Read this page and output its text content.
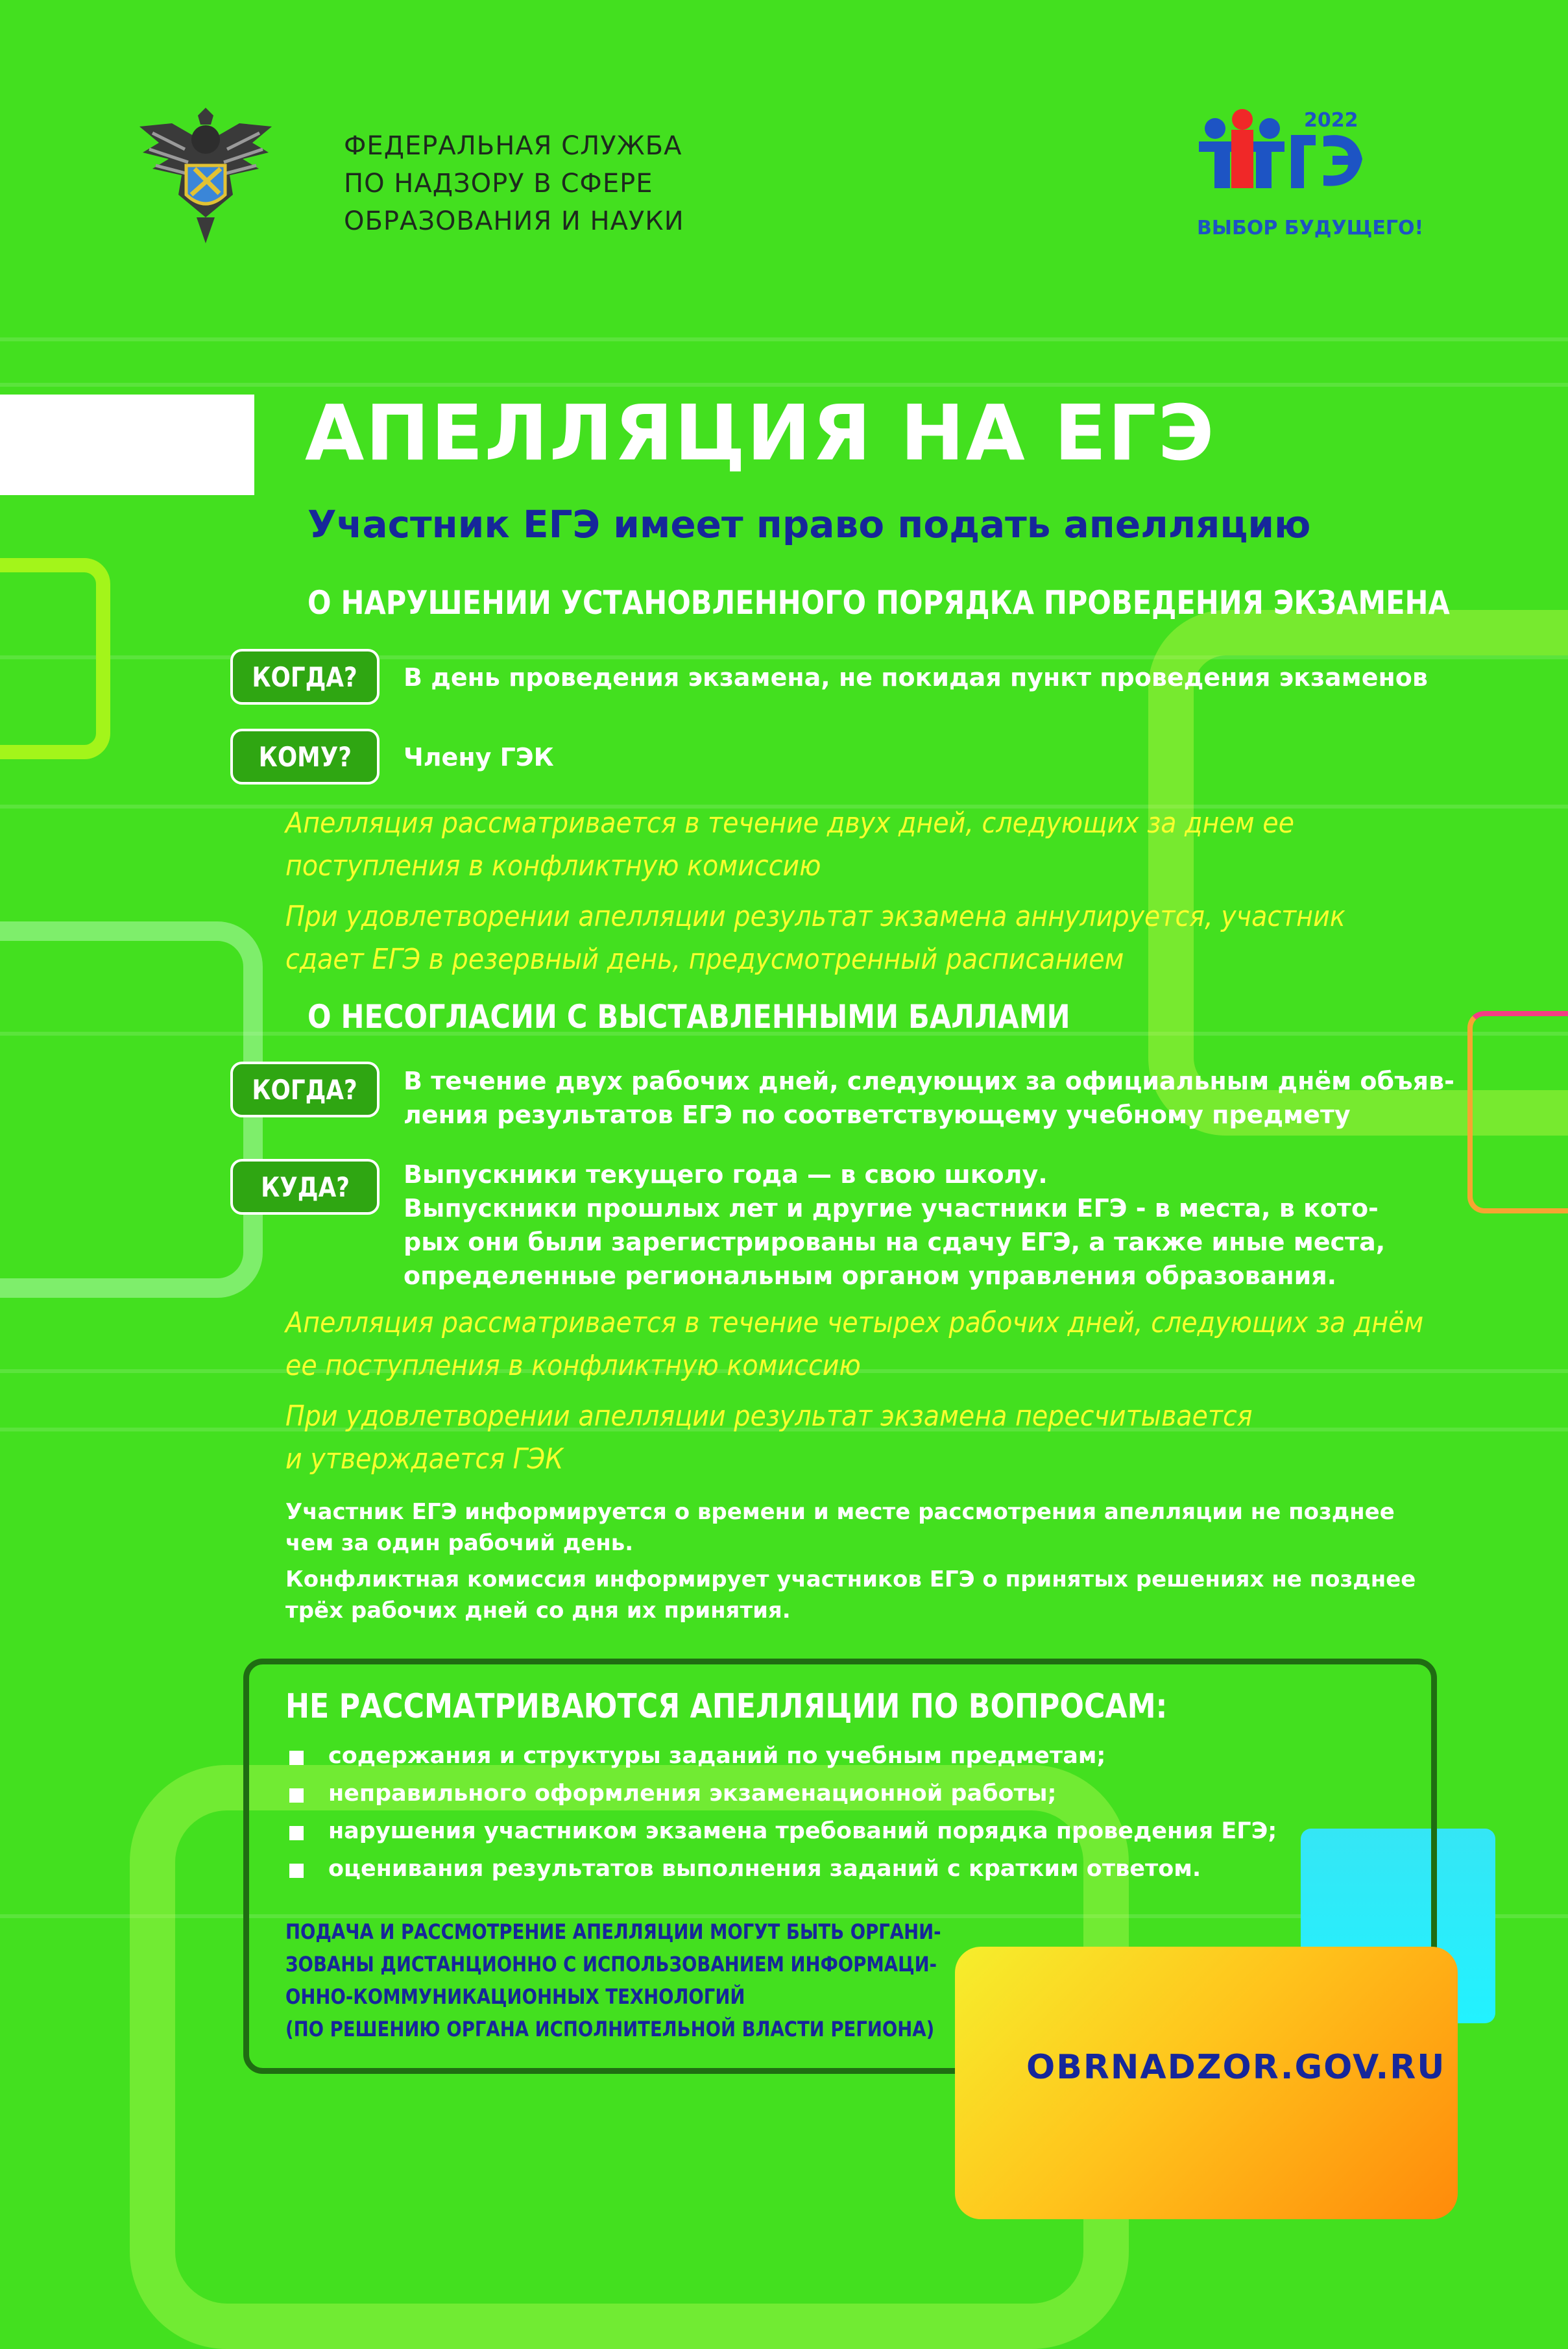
ФЕДЕРАЛЬНАЯ СЛУЖБА
ПО НАДЗОРУ В СФЕРЕ
ОБРАЗОВАНИЯ И НАУКИ
2022
ВЫБОР БУДУЩЕГО!
АПЕЛЛЯЦИЯ НА ЕГЭ
Участник ЕГЭ имеет право подать апелляцию
О НАРУШЕНИИ УСТАНОВЛЕННОГО ПОРЯДКА ПРОВЕДЕНИЯ ЭКЗАМЕНА
КОГДА? В день проведения экзамена, не покидая пункт проведения экзаменов
КОМУ? Члену ГЭК
Апелляция рассматривается в течение двух дней, следующих за днем ее
поступления в конфликтную комиссию
При удовлетворении апелляции результат экзамена аннулируется, участник
сдает ЕГЭ в резервный день, предусмотренный расписанием
О НЕСОГЛАСИИ С ВЫСТАВЛЕННЫМИ БАЛЛАМИ
КОГДА? В течение двух рабочих дней, следующих за официальным днём объяв-
ления результатов ЕГЭ по соответствующему учебному предмету
КУДА? Выпускники текущего года — в свою школу.
Выпускники прошлых лет и другие участники ЕГЭ - в места, в кото-
рых они были зарегистрированы на сдачу ЕГЭ, а также иные места,
определенные региональным органом управления образования.
Апелляция рассматривается в течение четырех рабочих дней, следующих за днём
ее поступления в конфликтную комиссию
При удовлетворении апелляции результат экзамена пересчитывается
и утверждается ГЭК
Участник ЕГЭ информируется о времени и месте рассмотрения апелляции не позднее
чем за один рабочий день.
Конфликтная комиссия информирует участников ЕГЭ о принятых решениях не позднее
трёх рабочих дней со дня их принятия.
НЕ РАССМАТРИВАЮТСЯ АПЕЛЛЯЦИИ ПО ВОПРОСАМ:
содержания и структуры заданий по учебным предметам;
неправильного оформления экзаменационной работы;
нарушения участником экзамена требований порядка проведения ЕГЭ;
оценивания результатов выполнения заданий с кратким ответом.
ПОДАЧА И РАССМОТРЕНИЕ АПЕЛЛЯЦИИ МОГУТ БЫТЬ ОРГАНИ-
ЗОВАНЫ ДИСТАНЦИОННО С ИСПОЛЬЗОВАНИЕМ ИНФОРМАЦИ-
ОННО-КОММУНИКАЦИОННЫХ ТЕХНОЛОГИЙ
(ПО РЕШЕНИЮ ОРГАНА ИСПОЛНИТЕЛЬНОЙ ВЛАСТИ РЕГИОНА)
OBRNADZOR.GOV.RU
